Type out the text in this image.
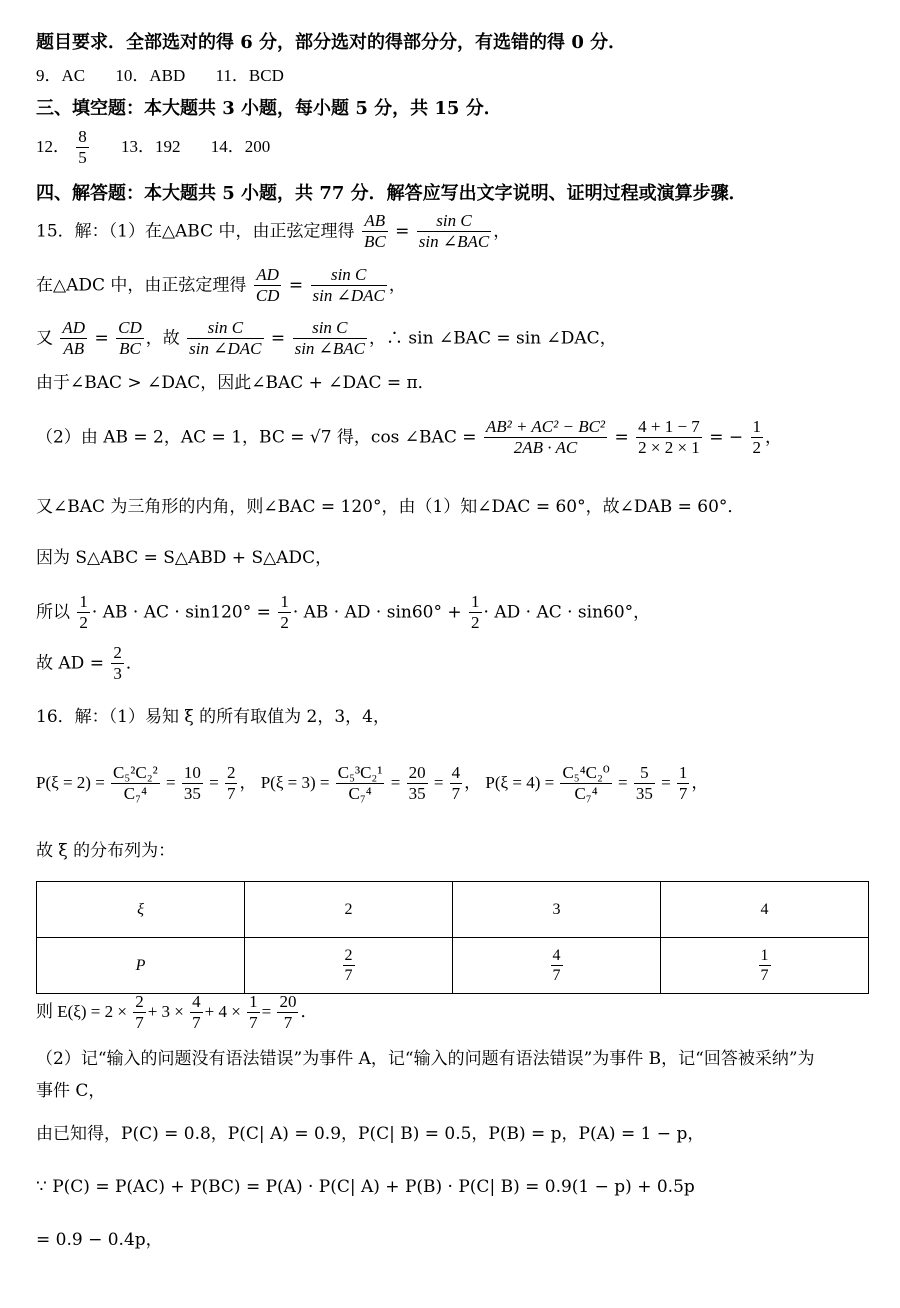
题目要求．全部选对的得 6 分，部分选对的得部分分，有选错的得 0 分．
9．AC 10．ABD 11．BCD
三、填空题：本大题共 3 小题，每小题 5 分，共 15 分．
12． $\frac{8}{5} 13$．192 14．200
四、解答题：本大题共 5 小题，共 77 分．解答应写出文字说明、证明过程或演算步骤．
15．解：（1）在△ABC 中，由正弦定理得 $\frac{AB}{BC} = \frac{\text{sin C}}{\text{sin ∠BAC}}$ ，
在△ADC 中，由正弦定理得 $\frac{AD}{CD} = \frac{\text{sin C}}{\text{sin ∠DAC}}$ ，
又 $\frac{AD}{AB} = \frac{CD}{BC}$ ，故 $\frac{\text{sin C}}{\text{sin ∠DAC}} = \frac{\text{sin C}}{\text{sin ∠BAC}}$ ，∴ sin ∠BAC = sin ∠DAC，
由于∠BAC > ∠DAC，因此∠BAC + ∠DAC = π．
（2）由 AB = 2，AC = 1，BC = √7 得，cos ∠BAC = $\frac{\text{AB² + AC² − BC²}}{2AB \cdot AC} = \frac{4 + 1 - 7}{2 \times 2 \times 1}$ = − $\frac{1}{2}$ ，
又∠BAC 为三角形的内角，则∠BAC = 120°，由（1）知∠DAC = 60°，故∠DAB = 60°．
因为 S△ABC = S△ABD + S△ADC，
所以 $\frac{1}{2}$ · AB · AC · $\sin 120^\circ = \frac{1}{2}$ · AB · AD · $\sin 60^\circ + \frac{1}{2}$ · AD · AC · sin60°，
故 AD = $\frac{2}{3}$ ．
16．解：（1）易知 ξ 的所有取值为 2，3，4，
$P(\xi = 2) = \frac{\text{C₅²C₂²}}{\text{C₇⁴}} = \frac{10}{35} = \frac{2}{7}$ ， $P(\xi = 3) = \frac{\text{C₅³C₂¹}}{\text{C₇⁴}} = \frac{20}{35} = \frac{4}{7}$ ， $P(\xi = 4) = \frac{\text{C₅⁴C₂⁰}}{\text{C₇⁴}} = \frac{5}{35} = \frac{1}{7}$ ，
故 ξ 的分布列为：
ξ	2	3	4
P	$\frac{2}{7}$	$\frac{4}{7}$	$\frac{1}{7}$
则 $E(\xi) = 2 \times \frac{2}{7} + 3 \times \frac{4}{7} + 4 \times \frac{1}{7} = \frac{20}{7}$ ．
（2）记“输入的问题没有语法错误”为事件 A，记“输入的问题有语法错误”为事件 B，记“回答被采纳”为
事件 C，
由已知得，P(C) = 0.8，P(C| A) = 0.9，P(C| B) = 0.5，P(B) = p，P(A) = 1 − p，
∵ P(C) = P(AC) + P(BC) = P(A) · P(C| A) + P(B) · P(C| B) = 0.9(1 − p) + 0.5p
= 0.9 − 0.4p，
